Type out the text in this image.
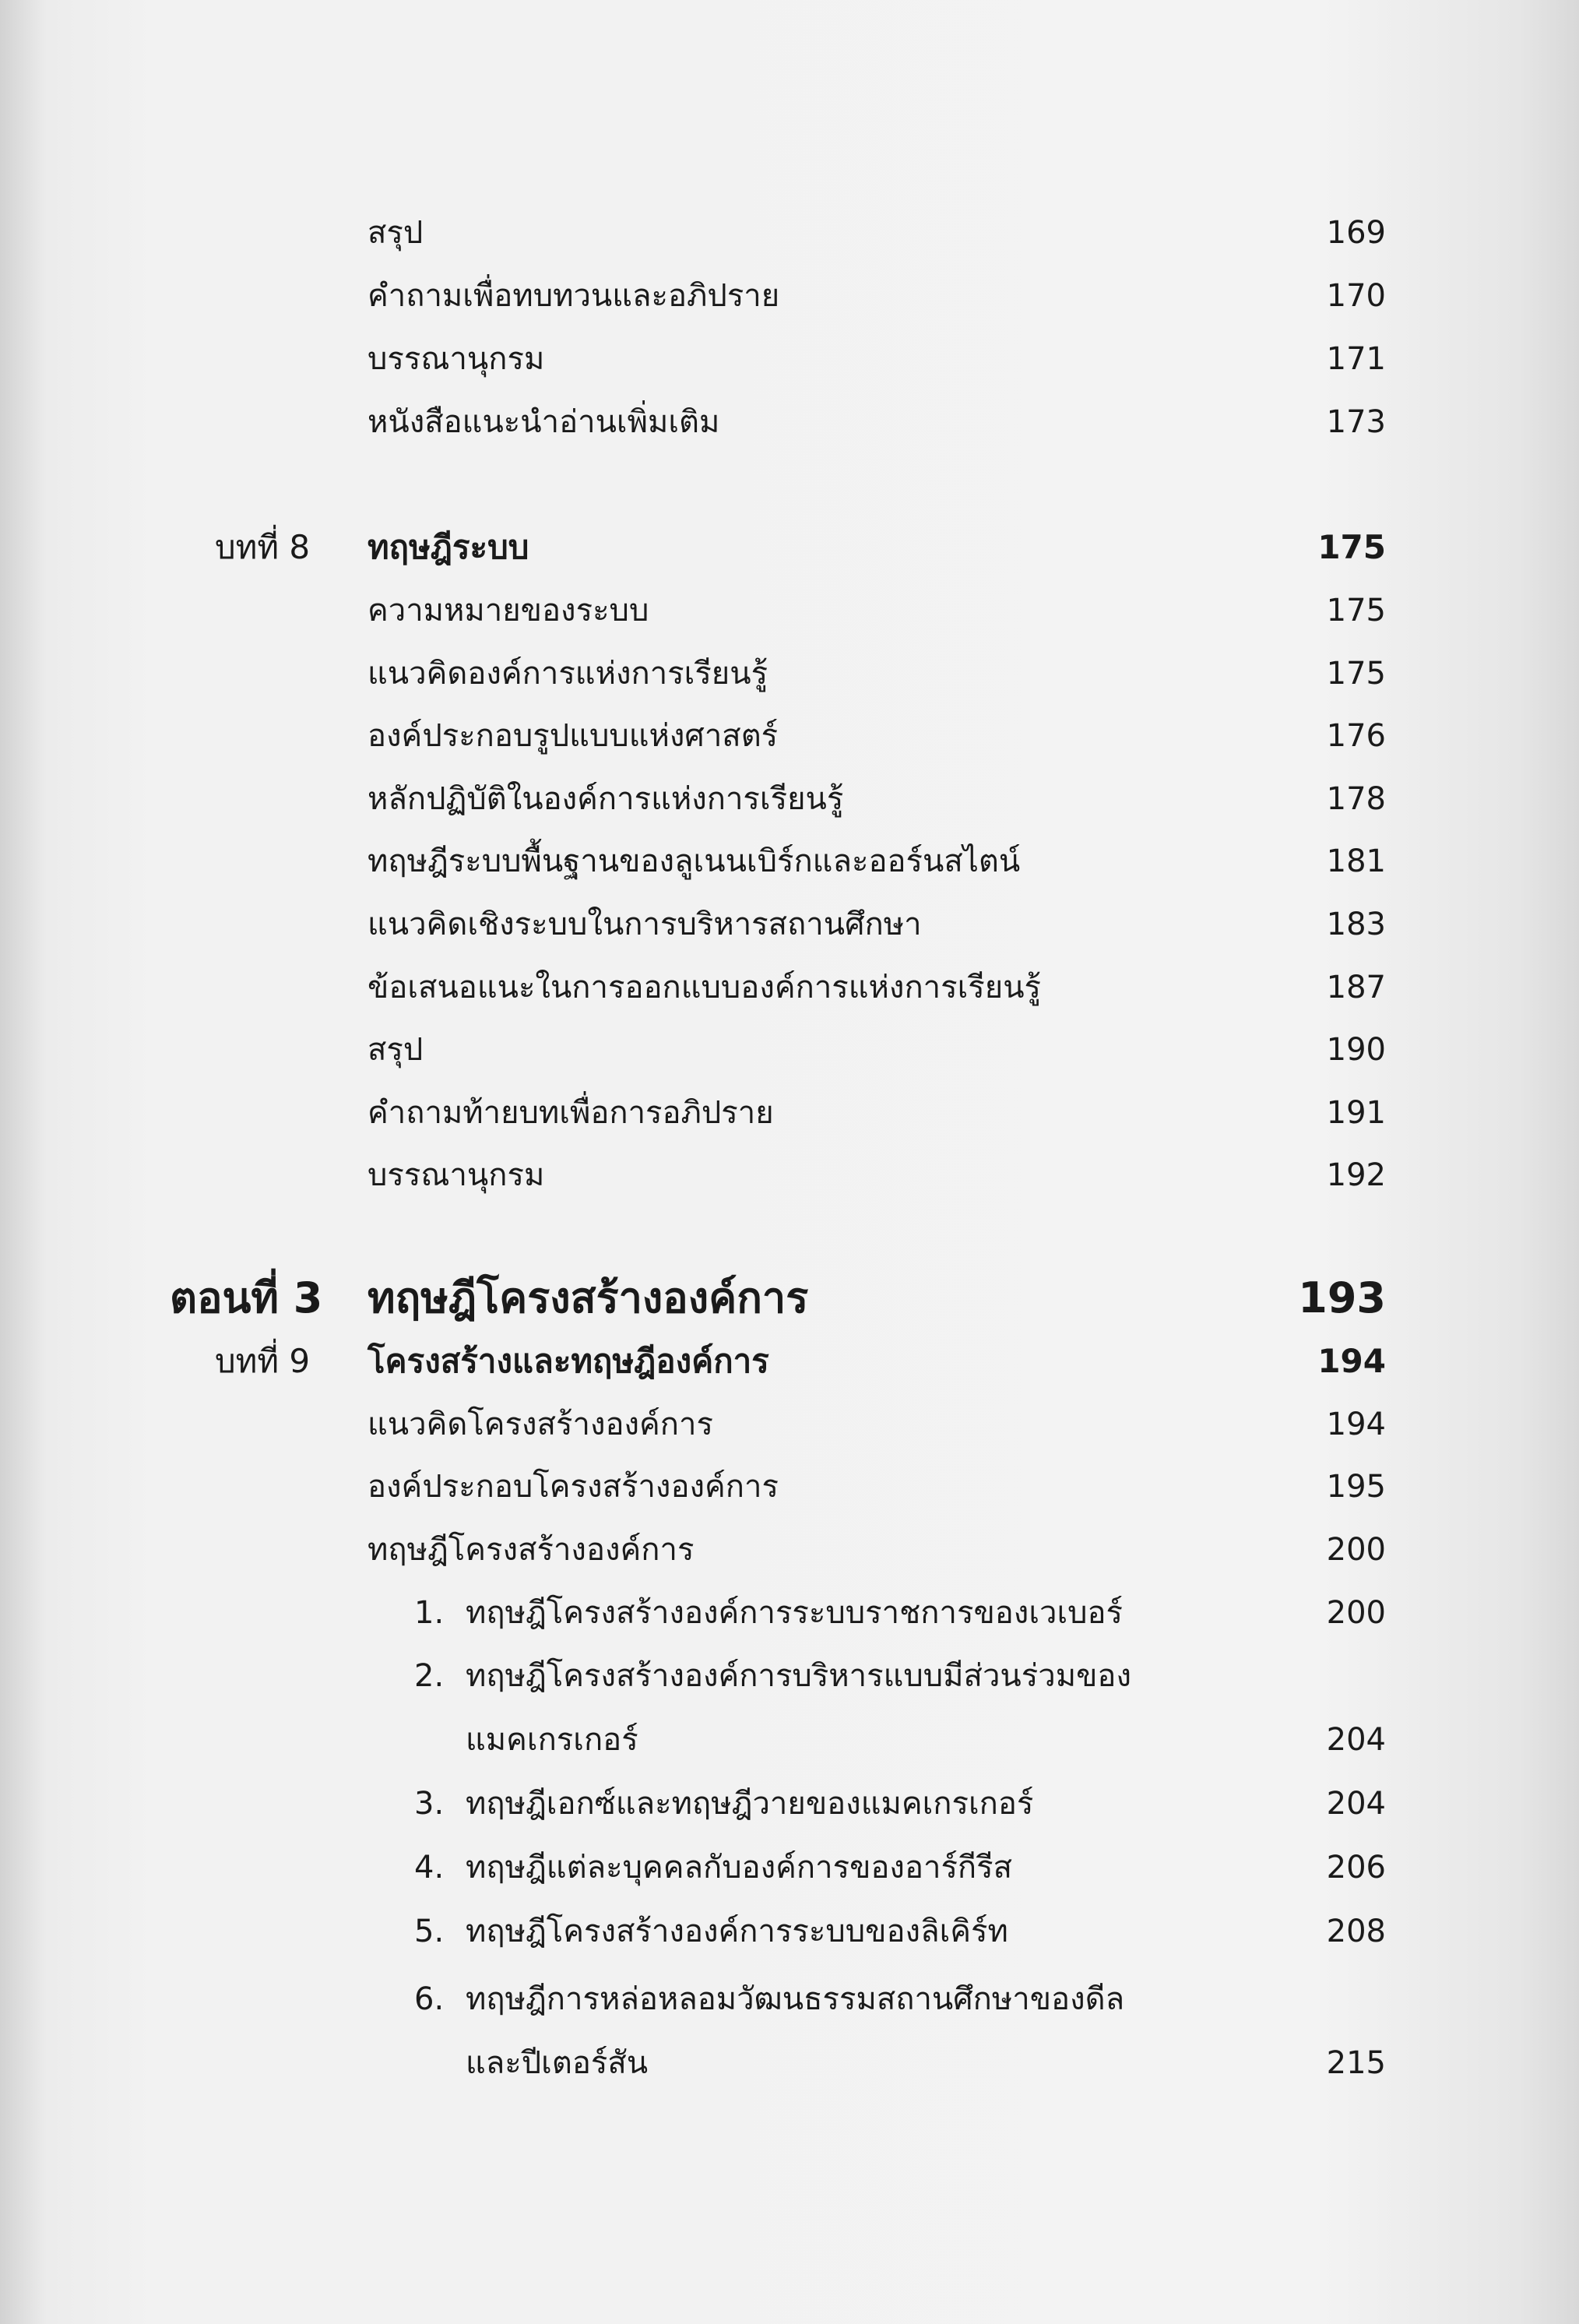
สรุป	169
คำถามเพื่อทบทวนและอภิปราย	170
บรรณานุกรม	171
หนังสือแนะนำอ่านเพิ่มเติม	173
บทที่ 8 ทฤษฎีระบบ	175
ความหมายของระบบ	175
แนวคิดองค์การแห่งการเรียนรู้	175
องค์ประกอบรูปแบบแห่งศาสตร์	176
หลักปฏิบัติในองค์การแห่งการเรียนรู้	178
ทฤษฎีระบบพื้นฐานของลูเนนเบิร์กและออร์นสไตน์	181
แนวคิดเชิงระบบในการบริหารสถานศึกษา	183
ข้อเสนอแนะในการออกแบบองค์การแห่งการเรียนรู้	187
สรุป	190
คำถามท้ายบทเพื่อการอภิปราย	191
บรรณานุกรม	192
ตอนที่ 3 ทฤษฎีโครงสร้างองค์การ	193
บทที่ 9 โครงสร้างและทฤษฎีองค์การ	194
แนวคิดโครงสร้างองค์การ	194
องค์ประกอบโครงสร้างองค์การ	195
ทฤษฎีโครงสร้างองค์การ	200
1. ทฤษฎีโครงสร้างองค์การระบบราชการของเวเบอร์	200
2. ทฤษฎีโครงสร้างองค์การบริหารแบบมีส่วนร่วมของ
แมคเกรเกอร์	204
3. ทฤษฎีเอกซ์และทฤษฎีวายของแมคเกรเกอร์	204
4. ทฤษฎีแต่ละบุคคลกับองค์การของอาร์กีรีส	206
5. ทฤษฎีโครงสร้างองค์การระบบของลิเคิร์ท	208
6. ทฤษฎีการหล่อหลอมวัฒนธรรมสถานศึกษาของดีล
และปีเตอร์สัน	215
